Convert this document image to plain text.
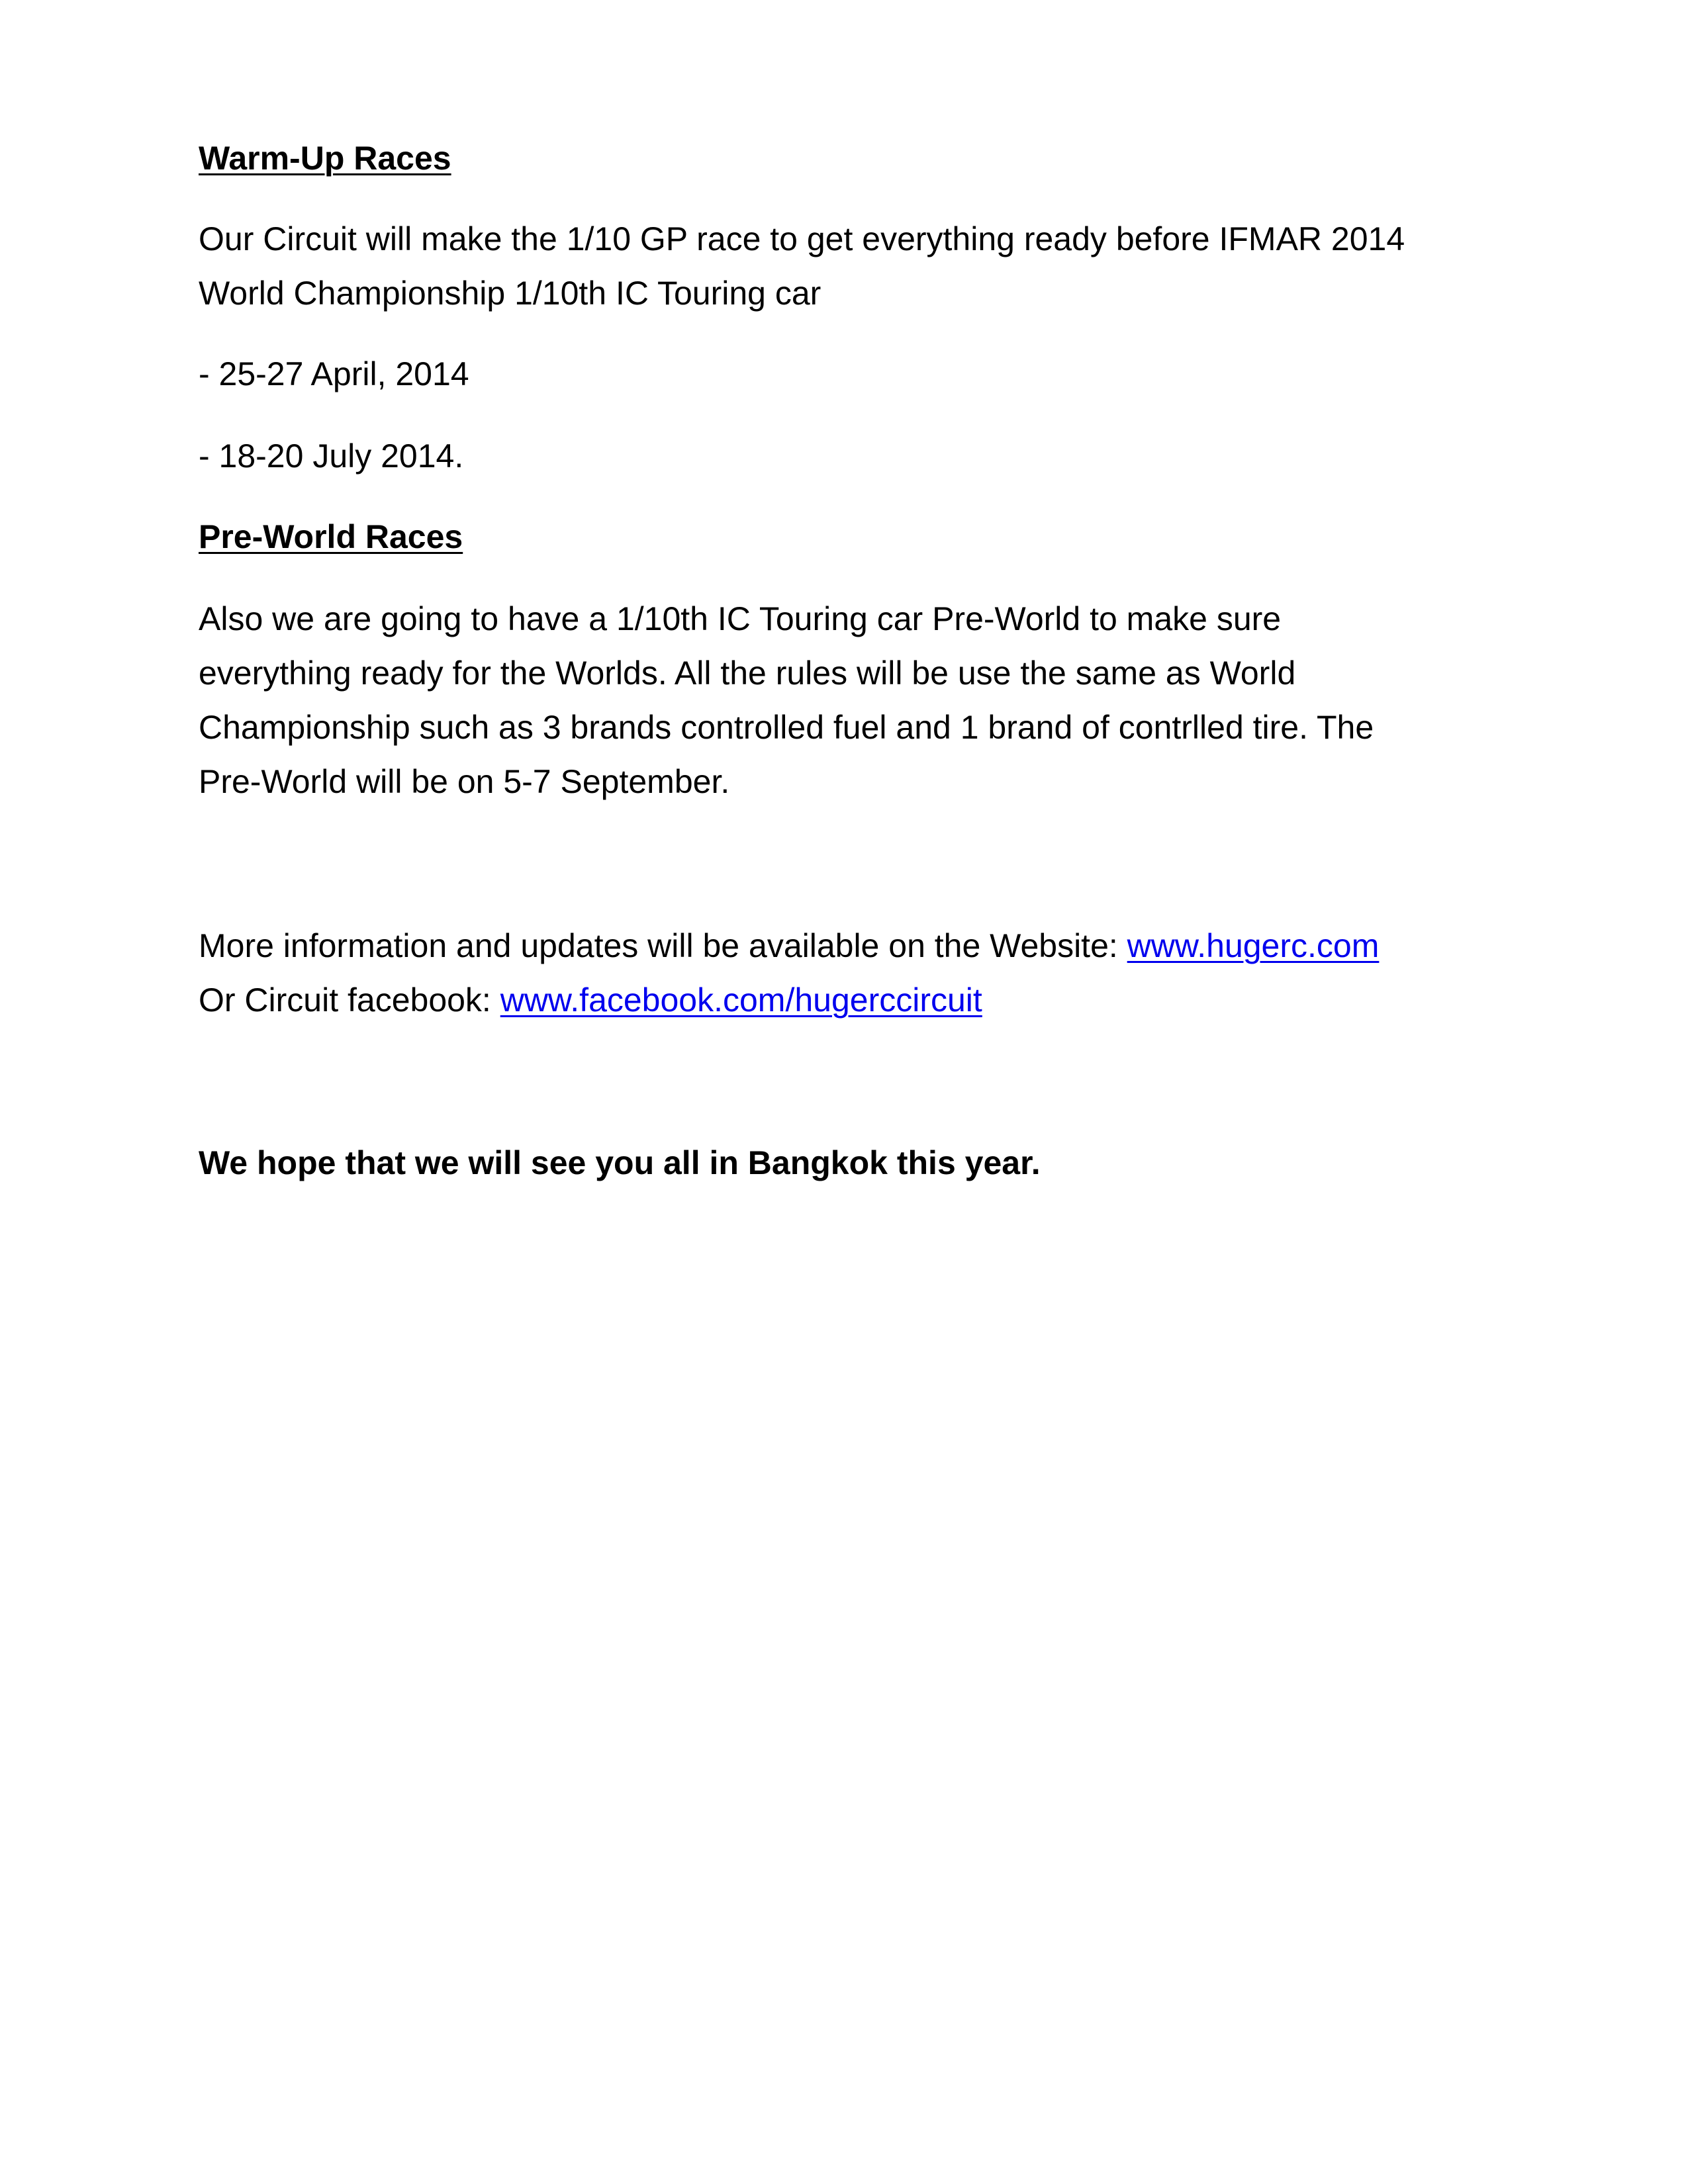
Warm-Up Races
Our Circuit will make the 1/10 GP race to get everything ready before IFMAR 2014
World Championship 1/10th IC Touring car
- 25-27 April, 2014
- 18-20 July 2014.
Pre-World Races
Also we are going to have a 1/10th IC Touring car Pre-World to make sure
everything ready for the Worlds. All the rules will be use the same as World
Championship such as 3 brands controlled fuel and 1 brand of contrlled tire. The
Pre-World will be on 5-7 September.
More information and updates will be available on the Website: www.hugerc.com
Or Circuit facebook: www.facebook.com/hugerccircuit
We hope that we will see you all in Bangkok this year.
